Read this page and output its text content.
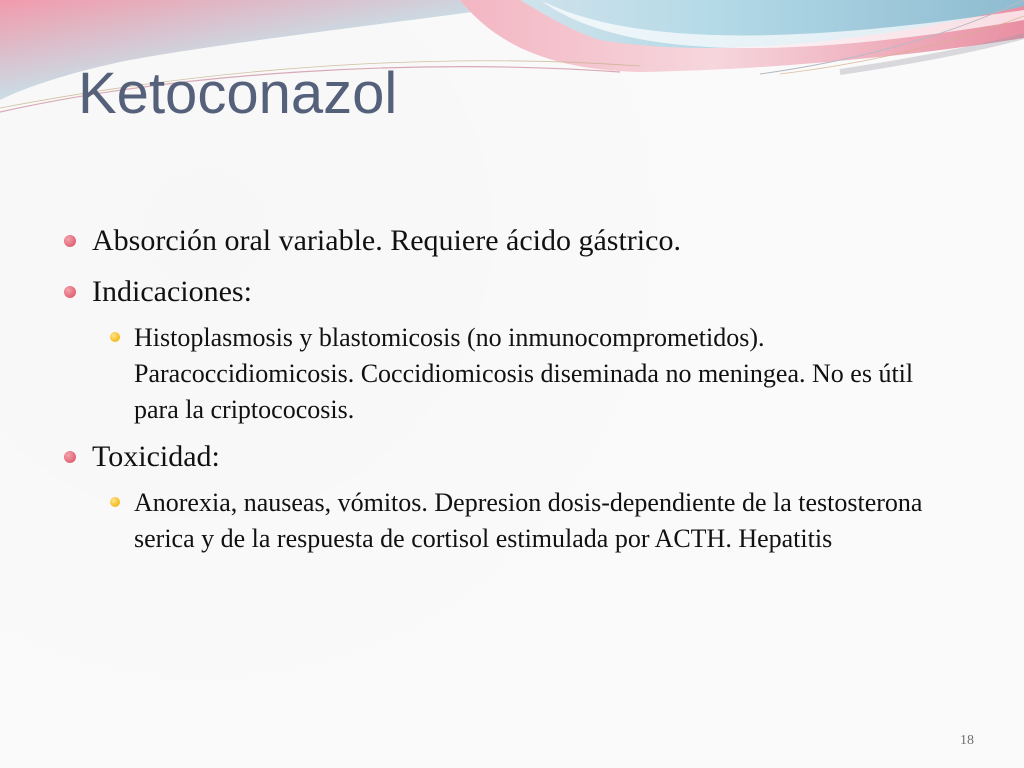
Ketoconazol
Absorción oral variable. Requiere ácido gástrico.
Indicaciones:
Histoplasmosis y blastomicosis (no inmunocomprometidos). Paracoccidiomicosis. Coccidiomicosis diseminada no meningea. No es útil para la criptococosis.
Toxicidad:
Anorexia, nauseas, vómitos. Depresion dosis-dependiente de la testosterona serica y de la respuesta de cortisol estimulada por ACTH. Hepatitis
18
